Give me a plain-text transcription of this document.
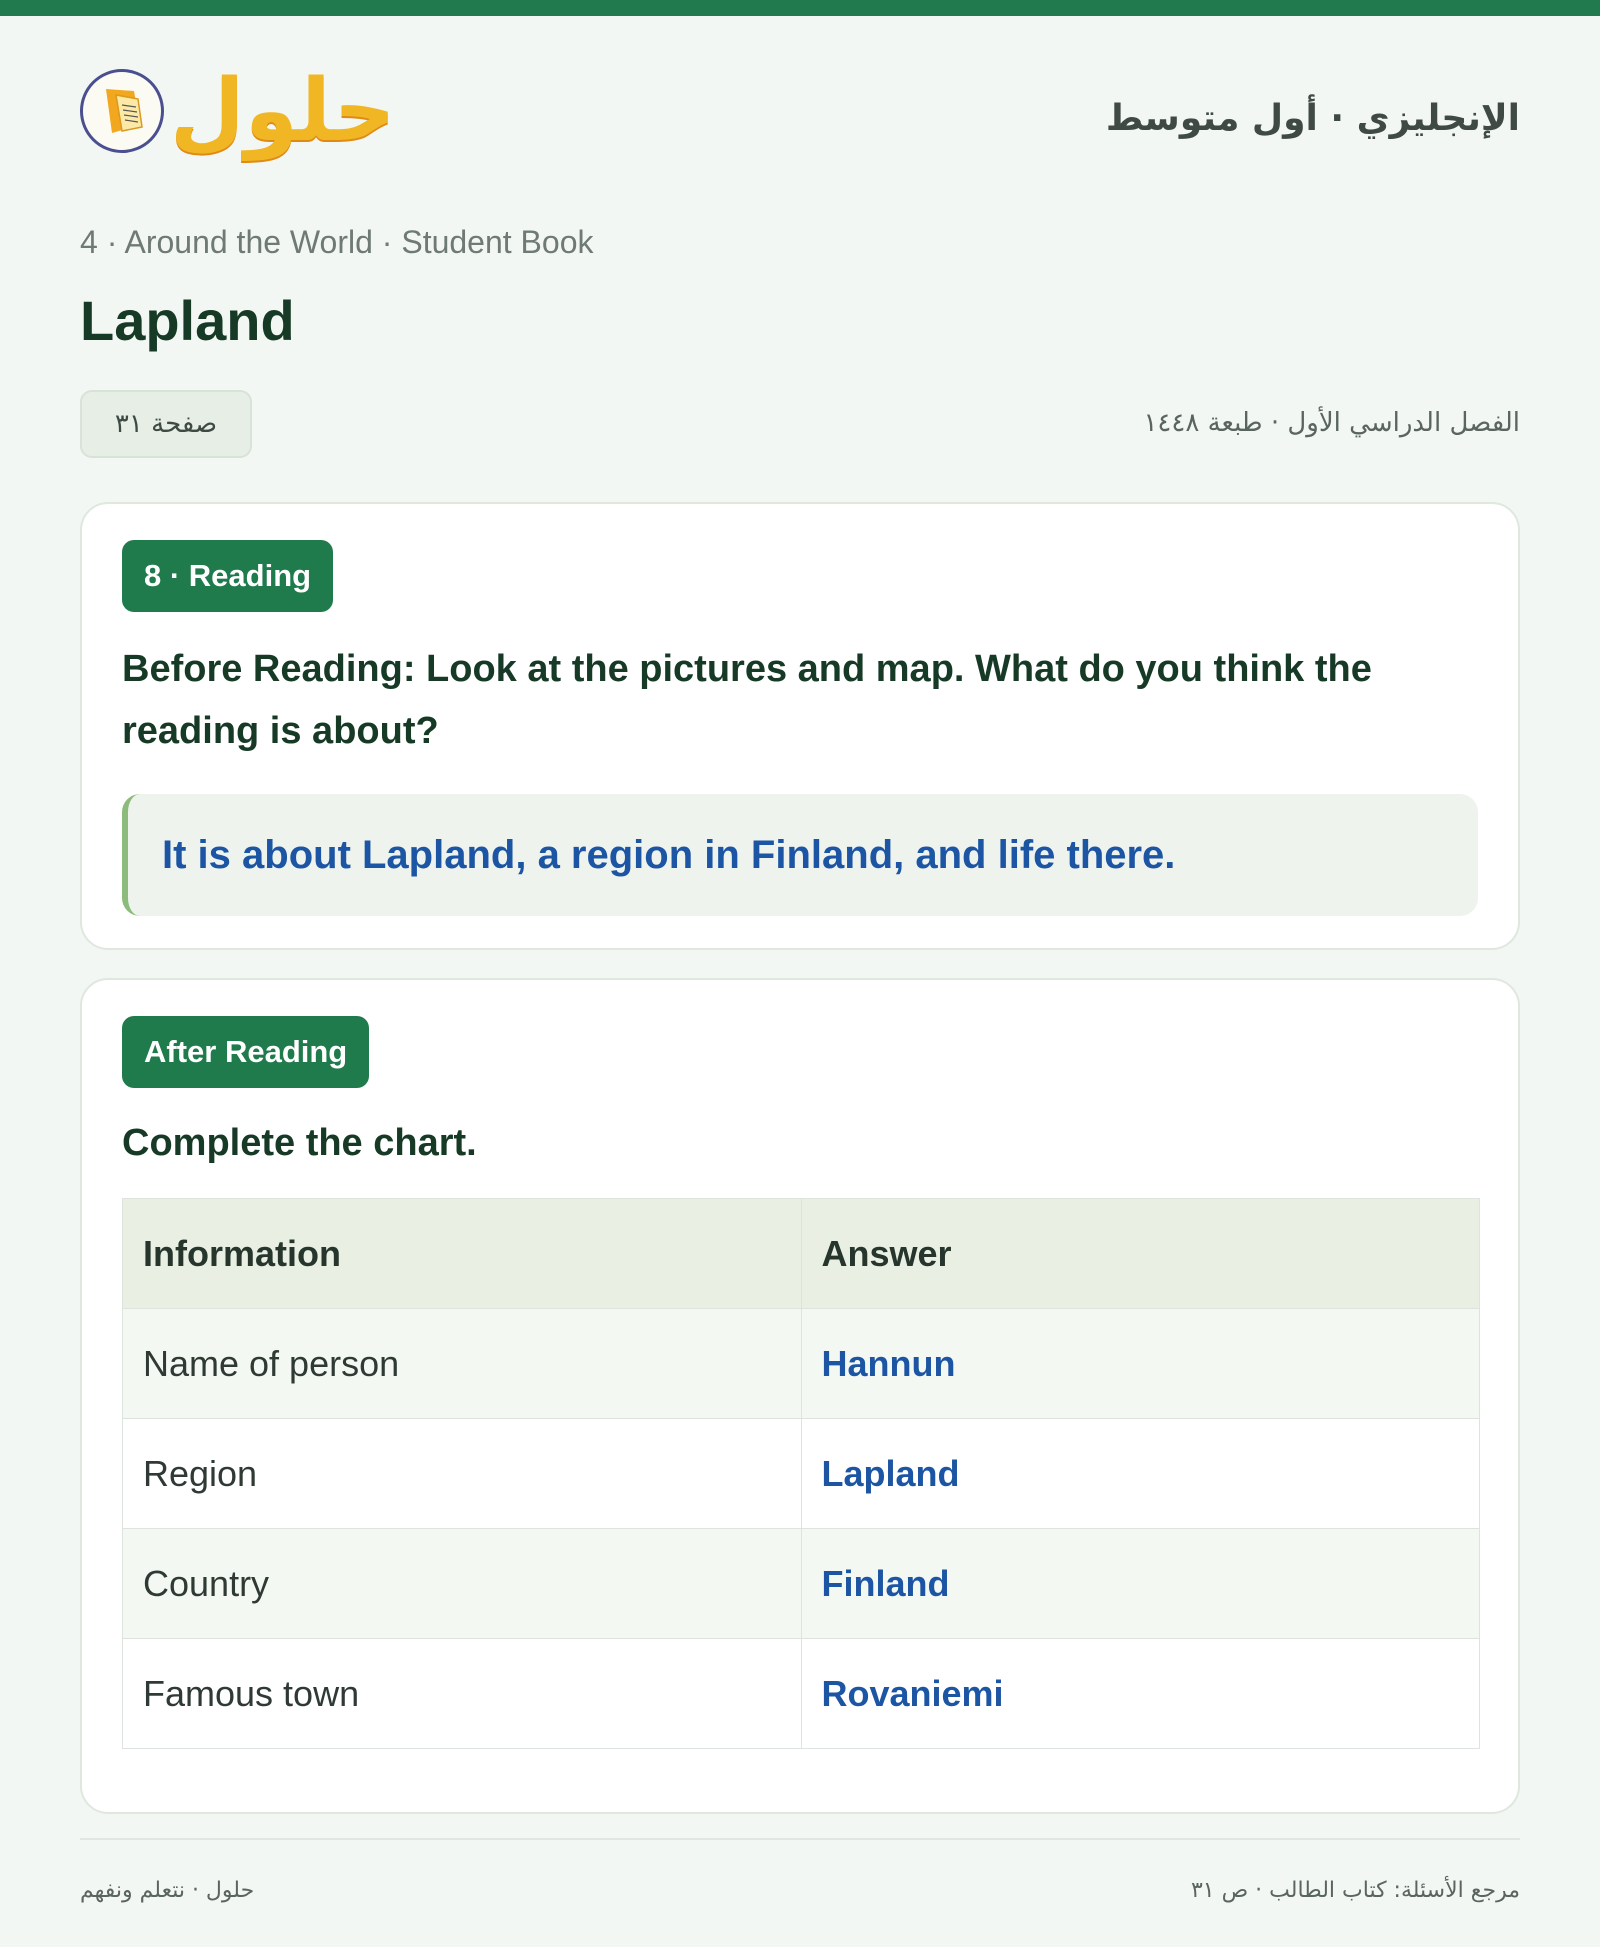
حلول	الإنجليزي · أول متوسط
4 · Around the World · Student Book
Lapland
صفحة ٣١	الفصل الدراسي الأول · طبعة ١٤٤٨
8 · Reading

Before Reading: Look at the pictures and map. What do you think the reading is about?

It is about Lapland, a region in Finland, and life there.
After Reading

Complete the chart.

Information	Answer
Name of person	Hannun
Region	Lapland
Country	Finland
Famous town	Rovaniemi
حلول · نتعلم ونفهم	مرجع الأسئلة: كتاب الطالب · ص ٣١
